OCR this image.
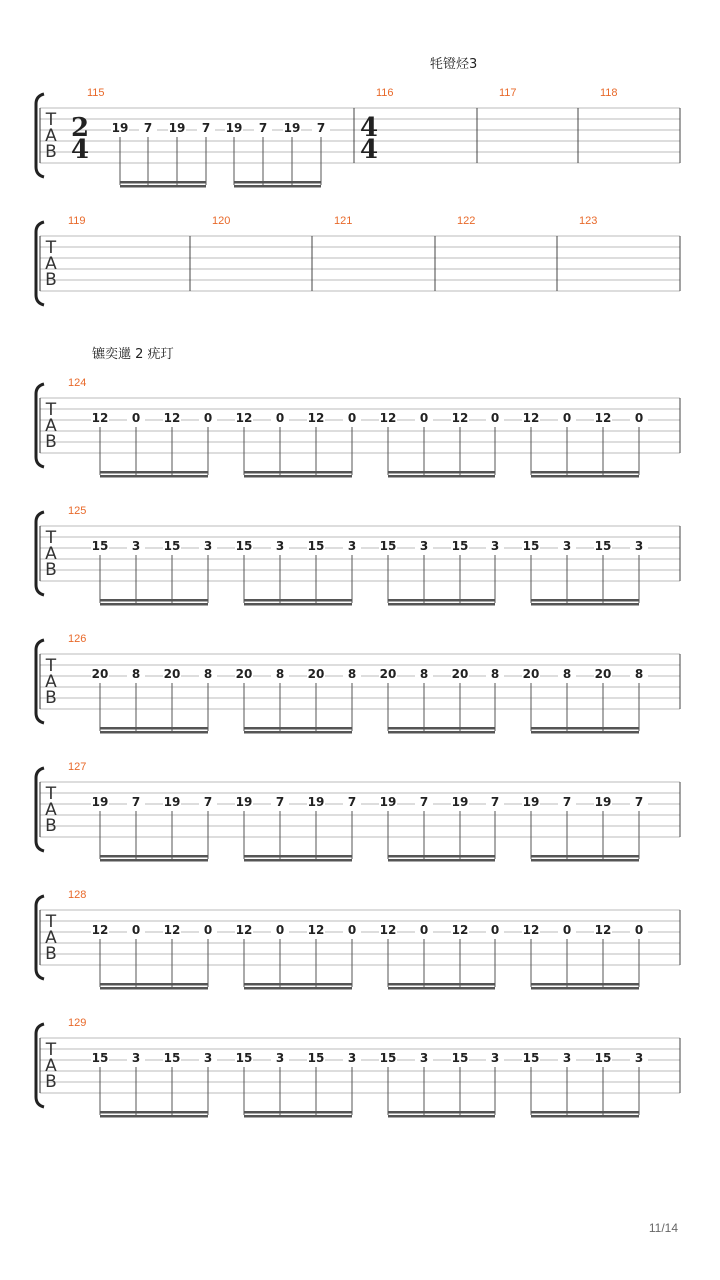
牦镫烃3
镳奕邋 2 疣玎
T
A
B
115
2
4
19 7 19 7 19 7 19 7
116
4
4
117	118
T
A
B
119	120	121	122	123
T
A
B
124
12 0 12 0 12 0 12 0 12 0 12 0 12 0 12 0
T
A
B
125
15 3 15 3 15 3 15 3 15 3 15 3 15 3 15 3
T
A
B
126
20 8 20 8 20 8 20 8 20 8 20 8 20 8 20 8
T
A
B
127
19 7 19 7 19 7 19 7 19 7 19 7 19 7 19 7
T
A
B
128
12 0 12 0 12 0 12 0 12 0 12 0 12 0 12 0
T
A
B
129
15 3 15 3 15 3 15 3 15 3 15 3 15 3 15 3
11/14
